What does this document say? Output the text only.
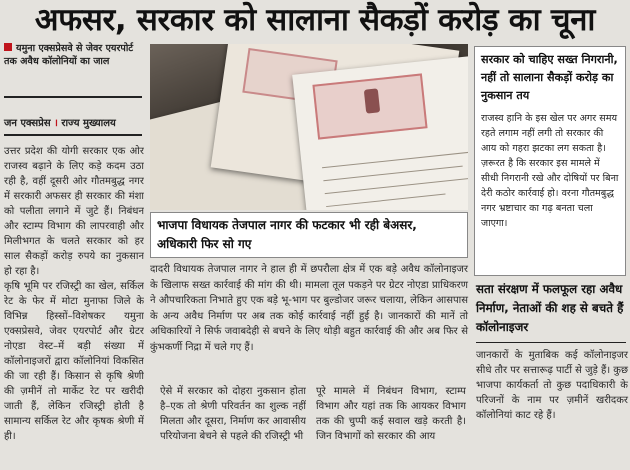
अफसर, सरकार को सालाना सैकड़ों करोड़ का चूना
यमुना एक्सप्रेसवे से जेवर एयरपोर्ट तक अवैध कॉलोनियों का जाल
जन एक्सप्रेस । राज्य मुख्यालय

उत्तर प्रदेश की योगी सरकार एक ओर राजस्व बढ़ाने के लिए कड़े कदम उठा रही है, वहीं दूसरी ओर गौतमबुद्ध नगर में सरकारी अफसर ही सरकार की मंशा को पलीता लगाने में जुटे हैं। निबंधन और स्टाम्प विभाग की लापरवाही और मिलीभगत के चलते सरकार को हर साल सैकड़ों करोड़ रुपये का नुकसान हो रहा है।

कृषि भूमि पर रजिस्ट्री का खेल, सर्किल रेट के फेर में मोटा मुनाफा जिले के विभिन्न हिस्सों–विशेषकर यमुना एक्सप्रेसवे, जेवर एयरपोर्ट और ग्रेटर नोएडा वेस्ट–में बड़ी संख्या में कॉलोनाइजरों द्वारा कॉलोनियां विकसित की जा रही हैं। किसान से कृषि श्रेणी की ज़मीनें तो मार्केट रेट पर खरीदी जाती हैं, लेकिन रजिस्ट्री होती है सामान्य सर्किल रेट और कृषक श्रेणी में ही।

भाजपा विधायक तेजपाल नागर की फटकार भी रही बेअसर, अधिकारी फिर सो गए
दादरी विधायक तेजपाल नागर ने हाल ही में छपरौला क्षेत्र में एक बड़े अवैध कॉलोनाइजर के खिलाफ सख्त कार्रवाई की मांग की थी। मामला तूल पकड़ने पर ग्रेटर नोएडा प्राधिकरण ने औपचारिकता निभाते हुए एक बड़े भू-भाग पर बुल्डोजर जरूर चलाया, लेकिन आसपास के अन्य अवैध निर्माण पर अब तक कोई कार्रवाई नहीं हुई है। जानकारों की मानें तो अधिकारियों ने सिर्फ जवाबदेही से बचने के लिए थोड़ी बहुत कार्रवाई की और अब फिर से कुंभकर्णी निद्रा में चले गए हैं।
ऐसे में सरकार को दोहरा नुकसान होता है–एक तो श्रेणी परिवर्तन का शुल्क नहीं मिलता और दूसरा, निर्माण कर आवासीय परियोजना बेचने से पहले की रजिस्ट्री भी
पूरे मामले में निबंधन विभाग, स्टाम्प विभाग और यहां तक कि आयकर विभाग तक की चुप्पी कई सवाल खड़े करती है। जिन विभागों को सरकार की आय
सरकार को चाहिए सख्त निगरानी, नहीं तो सालाना सैकड़ों करोड़ का नुकसान तय
राजस्व हानि के इस खेल पर अगर समय रहते लगाम नहीं लगी तो सरकार की आय को गहरा झटका लग सकता है। ज़रूरत है कि सरकार इस मामले में सीधी निगरानी रखे और दोषियों पर बिना देरी कठोर कार्रवाई हो। वरना गौतमबुद्ध नगर भ्रष्टाचार का गढ़ बनता चला जाएगा।
सता संरक्षण में फलफूल रहा अवैध निर्माण, नेताओं की शह से बचते हैं कॉलोनाइजर
जानकारों के मुताबिक कई कॉलोनाइजर सीधे तौर पर सत्तारूढ़ पार्टी से जुड़े हैं। कुछ भाजपा कार्यकर्ता तो कुछ पदाधिकारी के परिजनों के नाम पर ज़मीनें खरीदकर कॉलोनियां काट रहे हैं।
